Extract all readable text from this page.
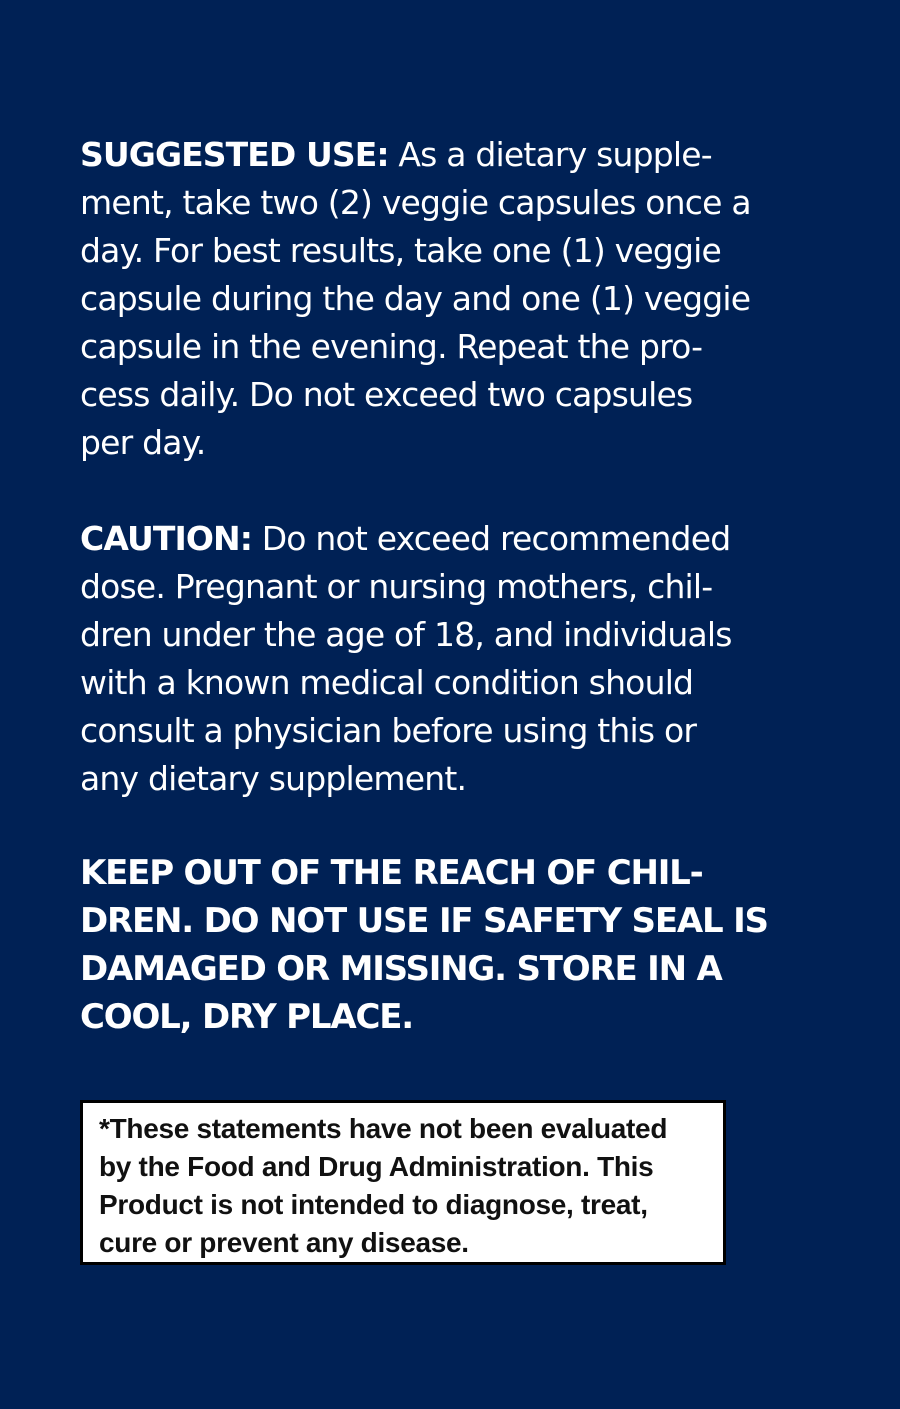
SUGGESTED USE: As a dietary supple-
ment, take two (2) veggie capsules once a
day. For best results, take one (1) veggie
capsule during the day and one (1) veggie
capsule in the evening. Repeat the pro-
cess daily. Do not exceed two capsules
per day.

CAUTION: Do not exceed recommended
dose. Pregnant or nursing mothers, chil-
dren under the age of 18, and individuals
with a known medical condition should
consult a physician before using this or
any dietary supplement.

KEEP OUT OF THE REACH OF CHIL-
DREN. DO NOT USE IF SAFETY SEAL IS
DAMAGED OR MISSING. STORE IN A
COOL, DRY PLACE.

*These statements have not been evaluated
by the Food and Drug Administration. This
Product is not intended to diagnose, treat,
cure or prevent any disease.
